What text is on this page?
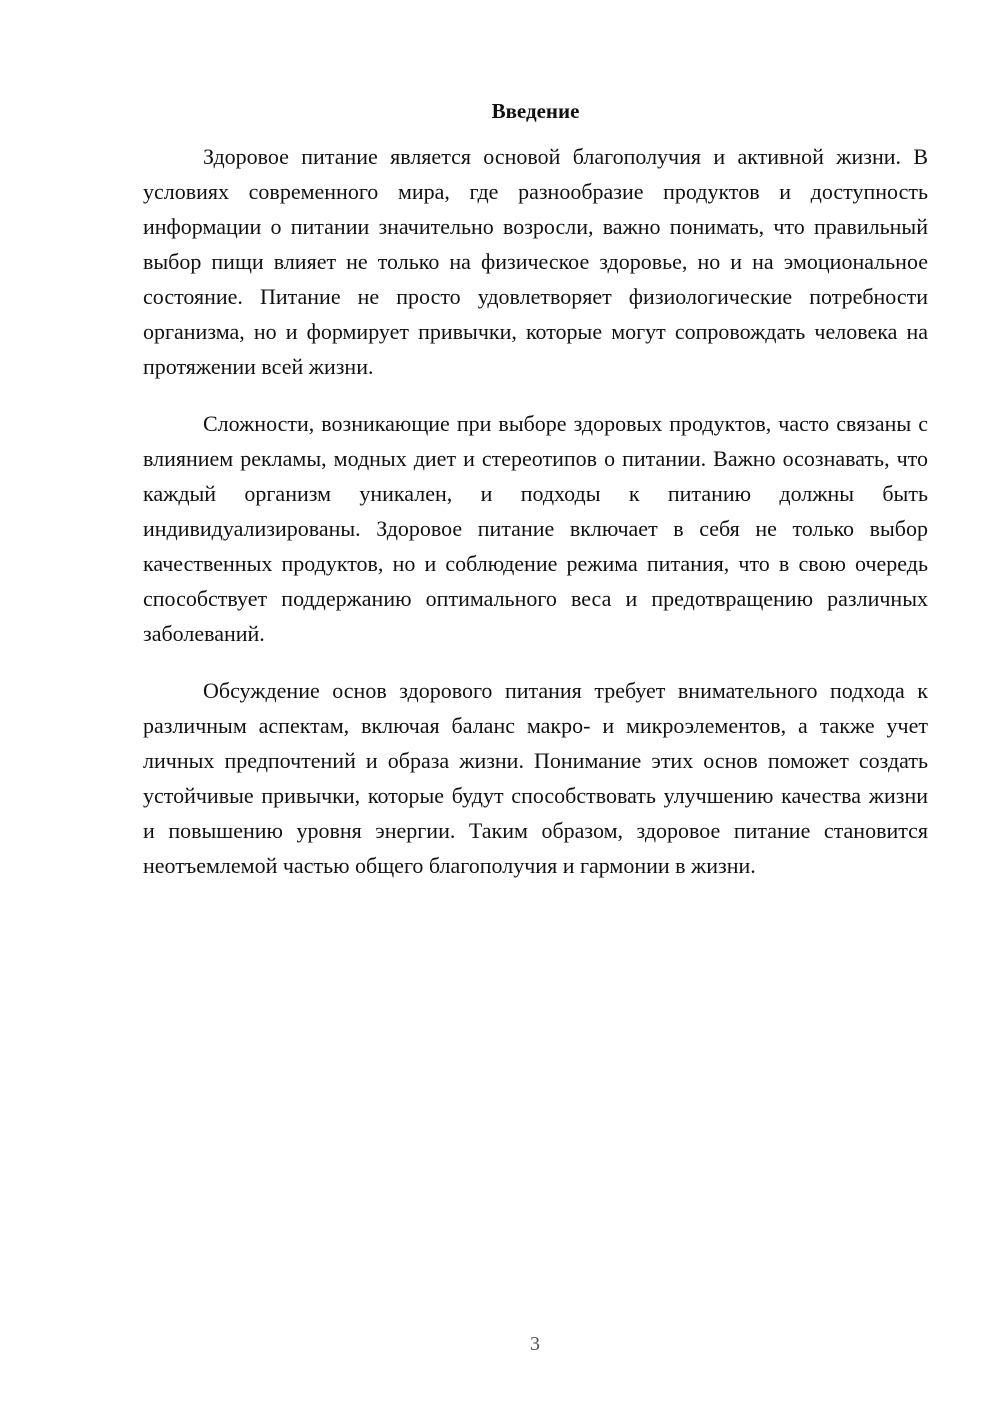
Введение

Здоровое питание является основой благополучия и активной жизни. В условиях современного мира, где разнообразие продуктов и доступность информации о питании значительно возросли, важно понимать, что правильный выбор пищи влияет не только на физическое здоровье, но и на эмоциональное состояние. Питание не просто удовлетворяет физиологические потребности организма, но и формирует привычки, которые могут сопровождать человека на протяжении всей жизни.

Сложности, возникающие при выборе здоровых продуктов, часто связаны с влиянием рекламы, модных диет и стереотипов о питании. Важно осознавать, что каждый организм уникален, и подходы к питанию должны быть индивидуализированы. Здоровое питание включает в себя не только выбор качественных продуктов, но и соблюдение режима питания, что в свою очередь способствует поддержанию оптимального веса и предотвращению различных заболеваний.

Обсуждение основ здорового питания требует внимательного подхода к различным аспектам, включая баланс макро- и микроэлементов, а также учет личных предпочтений и образа жизни. Понимание этих основ поможет создать устойчивые привычки, которые будут способствовать улучшению качества жизни и повышению уровня энергии. Таким образом, здоровое питание становится неотъемлемой частью общего благополучия и гармонии в жизни.

3
